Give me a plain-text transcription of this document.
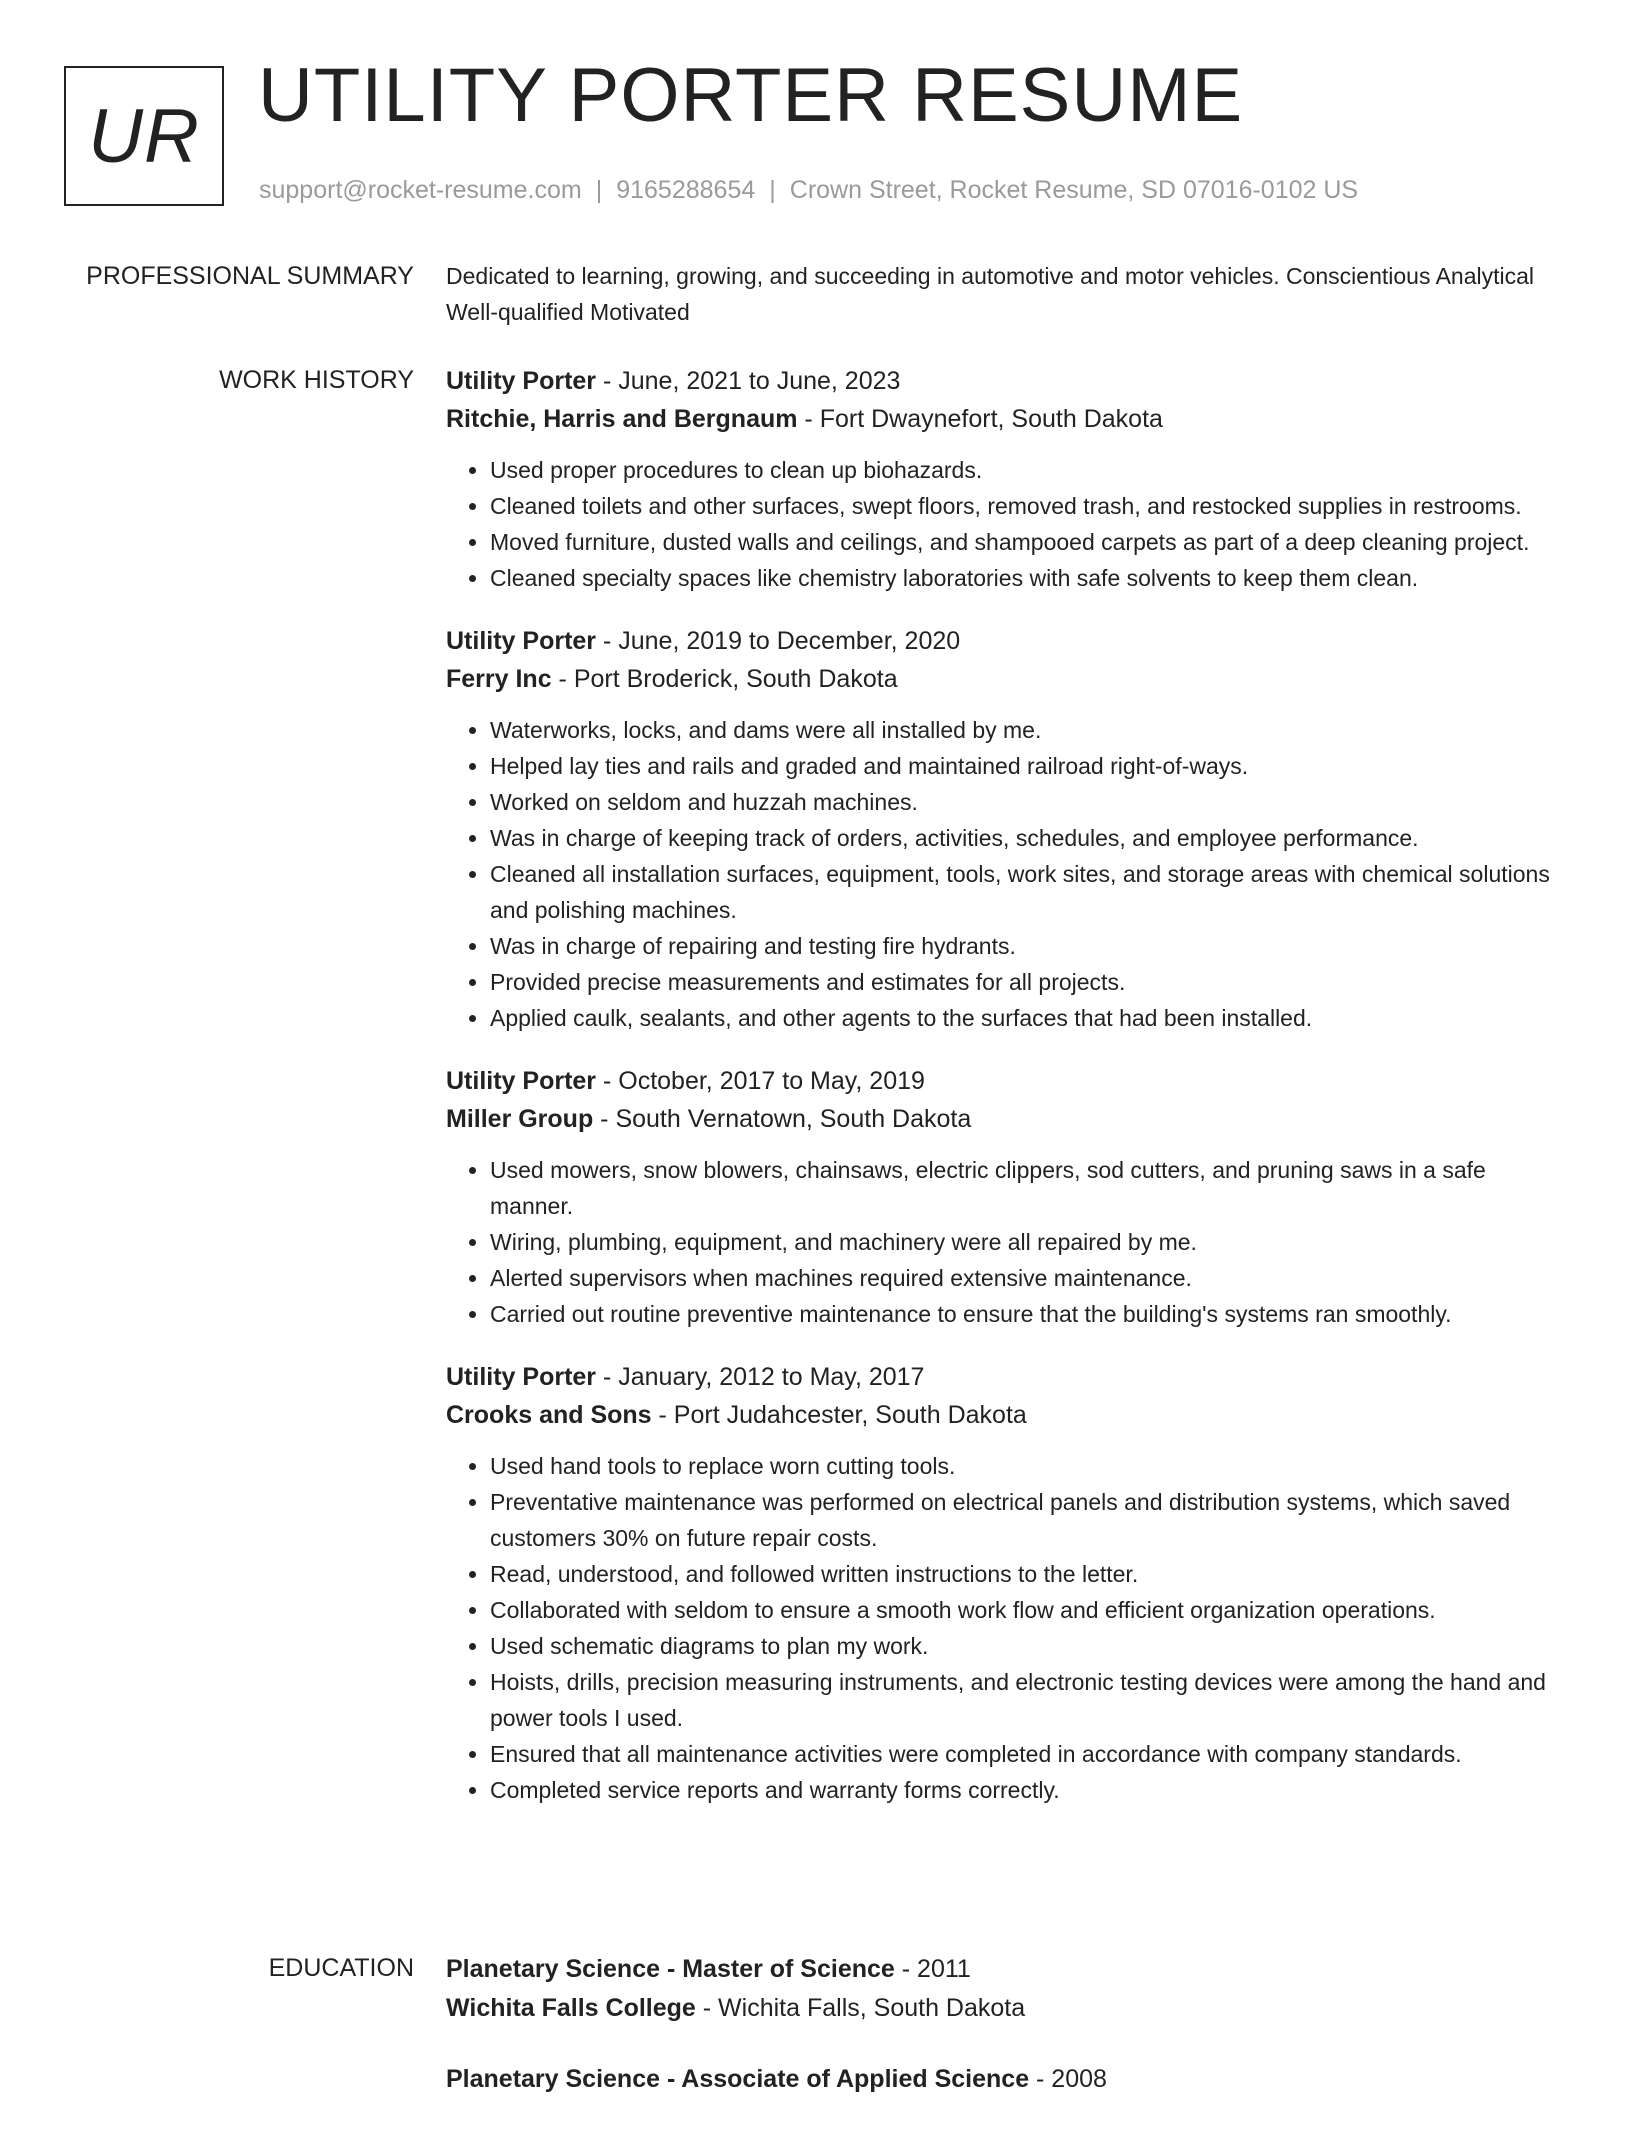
UR UTILITY PORTER RESUME
support@rocket-resume.com | 9165288654 | Crown Street, Rocket Resume, SD 07016-0102 US
PROFESSIONAL SUMMARY Dedicated to learning, growing, and succeeding in automotive and motor vehicles. Conscientious Analytical Well-qualified Motivated
WORK HISTORY Utility Porter - June, 2021 to June, 2023
Ritchie, Harris and Bergnaum - Fort Dwaynefort, South Dakota
• Used proper procedures to clean up biohazards.
• Cleaned toilets and other surfaces, swept floors, removed trash, and restocked supplies in restrooms.
• Moved furniture, dusted walls and ceilings, and shampooed carpets as part of a deep cleaning project.
• Cleaned specialty spaces like chemistry laboratories with safe solvents to keep them clean.
Utility Porter - June, 2019 to December, 2020
Ferry Inc - Port Broderick, South Dakota
• Waterworks, locks, and dams were all installed by me.
• Helped lay ties and rails and graded and maintained railroad right-of-ways.
• Worked on seldom and huzzah machines.
• Was in charge of keeping track of orders, activities, schedules, and employee performance.
• Cleaned all installation surfaces, equipment, tools, work sites, and storage areas with chemical solutions and polishing machines.
• Was in charge of repairing and testing fire hydrants.
• Provided precise measurements and estimates for all projects.
• Applied caulk, sealants, and other agents to the surfaces that had been installed.
Utility Porter - October, 2017 to May, 2019
Miller Group - South Vernatown, South Dakota
• Used mowers, snow blowers, chainsaws, electric clippers, sod cutters, and pruning saws in a safe manner.
• Wiring, plumbing, equipment, and machinery were all repaired by me.
• Alerted supervisors when machines required extensive maintenance.
• Carried out routine preventive maintenance to ensure that the building's systems ran smoothly.
Utility Porter - January, 2012 to May, 2017
Crooks and Sons - Port Judahcester, South Dakota
• Used hand tools to replace worn cutting tools.
• Preventative maintenance was performed on electrical panels and distribution systems, which saved customers 30% on future repair costs.
• Read, understood, and followed written instructions to the letter.
• Collaborated with seldom to ensure a smooth work flow and efficient organization operations.
• Used schematic diagrams to plan my work.
• Hoists, drills, precision measuring instruments, and electronic testing devices were among the hand and power tools I used.
• Ensured that all maintenance activities were completed in accordance with company standards.
• Completed service reports and warranty forms correctly.
EDUCATION Planetary Science - Master of Science - 2011
Wichita Falls College - Wichita Falls, South Dakota
Planetary Science - Associate of Applied Science - 2008
